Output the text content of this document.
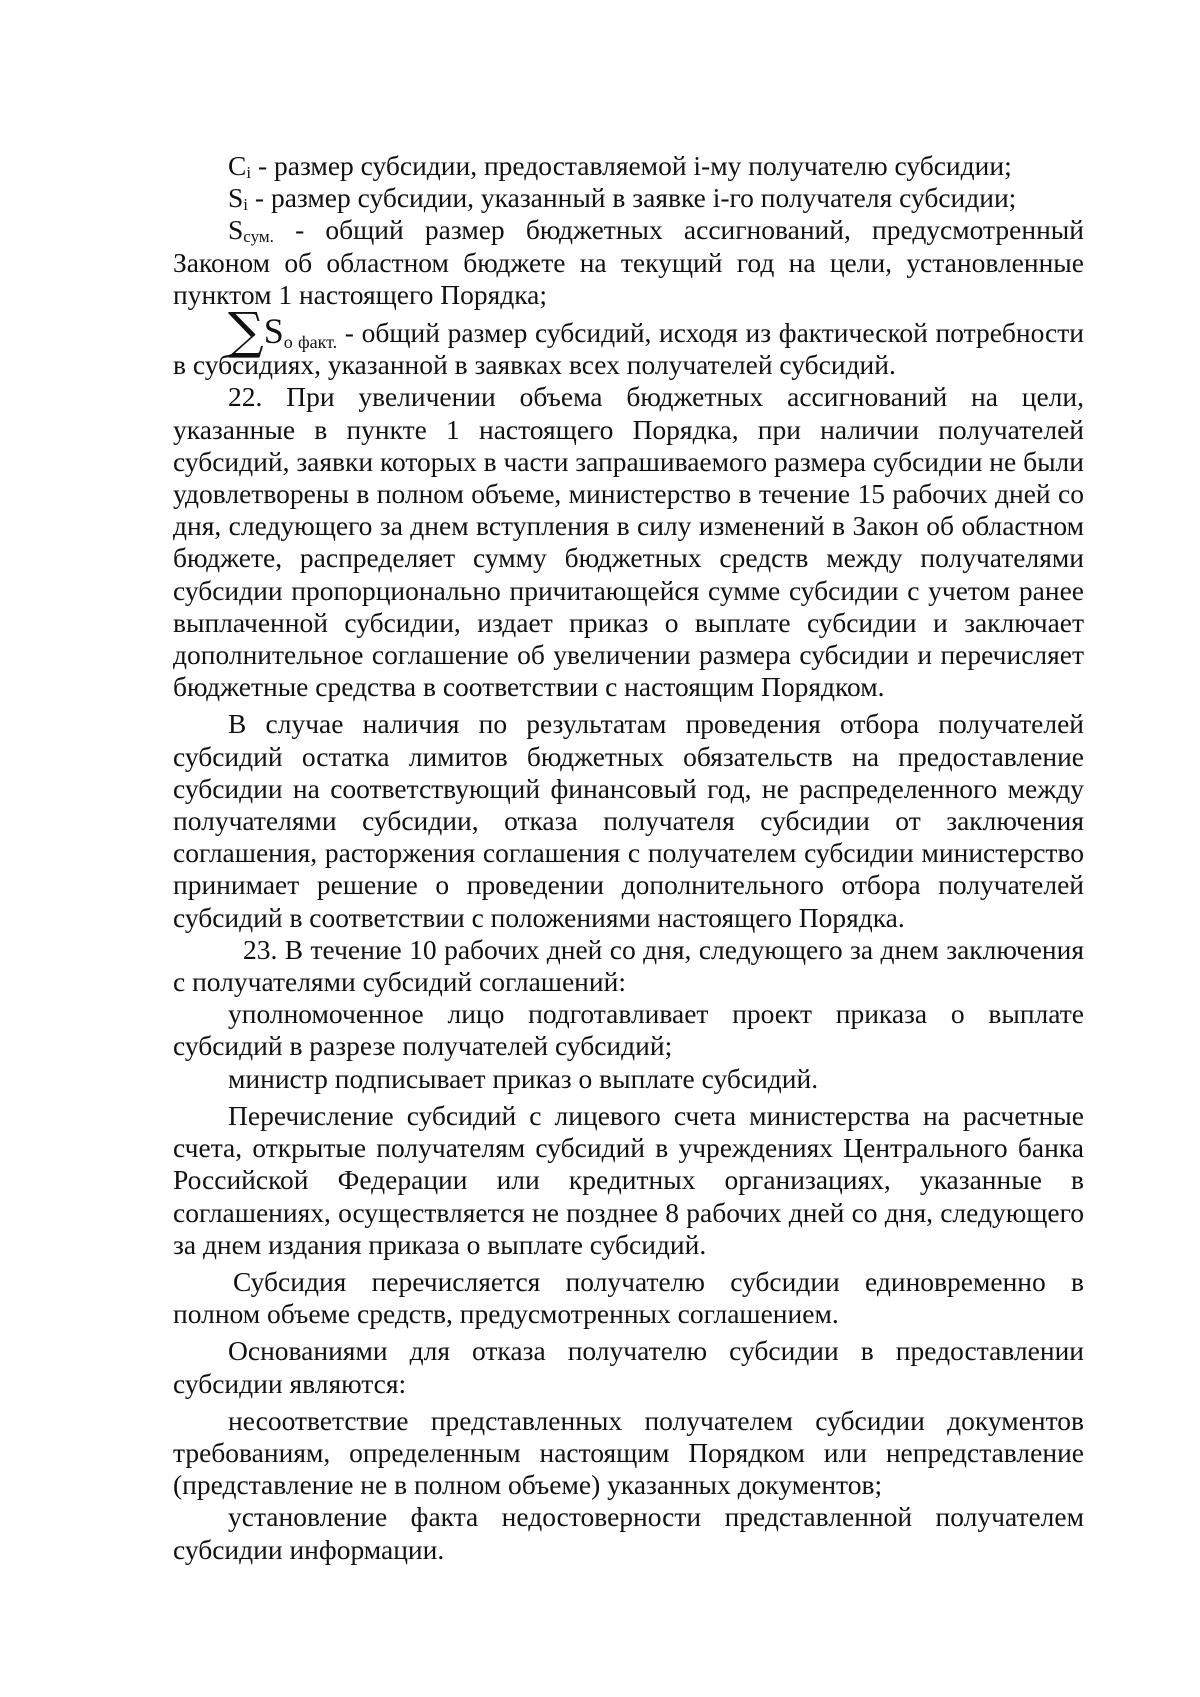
$C_i$ - размер субсидии, предоставляемой i-му получателю субсидии;

$S_i$ - размер субсидии, указанный в заявке i-го получателя субсидии;

$S_{сум.}$ - общий размер бюджетных ассигнований, предусмотренный Законом об областном бюджете на текущий год на цели, установленные пунктом 1 настоящего Порядка;

$\sum S_{о факт.}$ - общий размер субсидий, исходя из фактической потребности в субсидиях, указанной в заявках всех получателей субсидий.

22. При увеличении объема бюджетных ассигнований на цели, указанные в пункте 1 настоящего Порядка, при наличии получателей субсидий, заявки которых в части запрашиваемого размера субсидии не были удовлетворены в полном объеме, министерство в течение 15 рабочих дней со дня, следующего за днем вступления в силу изменений в Закон об областном бюджете, распределяет сумму бюджетных средств между получателями субсидии пропорционально причитающейся сумме субсидии с учетом ранее выплаченной субсидии, издает приказ о выплате субсидии и заключает дополнительное соглашение об увеличении размера субсидии и перечисляет бюджетные средства в соответствии с настоящим Порядком.

В случае наличия по результатам проведения отбора получателей субсидий остатка лимитов бюджетных обязательств на предоставление субсидии на соответствующий финансовый год, не распределенного между получателями субсидии, отказа получателя субсидии от заключения соглашения, расторжения соглашения с получателем субсидии министерство принимает решение о проведении дополнительного отбора получателей субсидий в соответствии с положениями настоящего Порядка.

23. В течение 10 рабочих дней со дня, следующего за днем заключения с получателями субсидий соглашений:

уполномоченное лицо подготавливает проект приказа о выплате субсидий в разрезе получателей субсидий;

министр подписывает приказ о выплате субсидий.

Перечисление субсидий с лицевого счета министерства на расчетные счета, открытые получателям субсидий в учреждениях Центрального банка Российской Федерации или кредитных организациях, указанные в соглашениях, осуществляется не позднее 8 рабочих дней со дня, следующего за днем издания приказа о выплате субсидий.

Субсидия перечисляется получателю субсидии единовременно в полном объеме средств, предусмотренных соглашением.

Основаниями для отказа получателю субсидии в предоставлении субсидии являются:

несоответствие представленных получателем субсидии документов требованиям, определенным настоящим Порядком или непредставление (представление не в полном объеме) указанных документов;

установление факта недостоверности представленной получателем субсидии информации.
